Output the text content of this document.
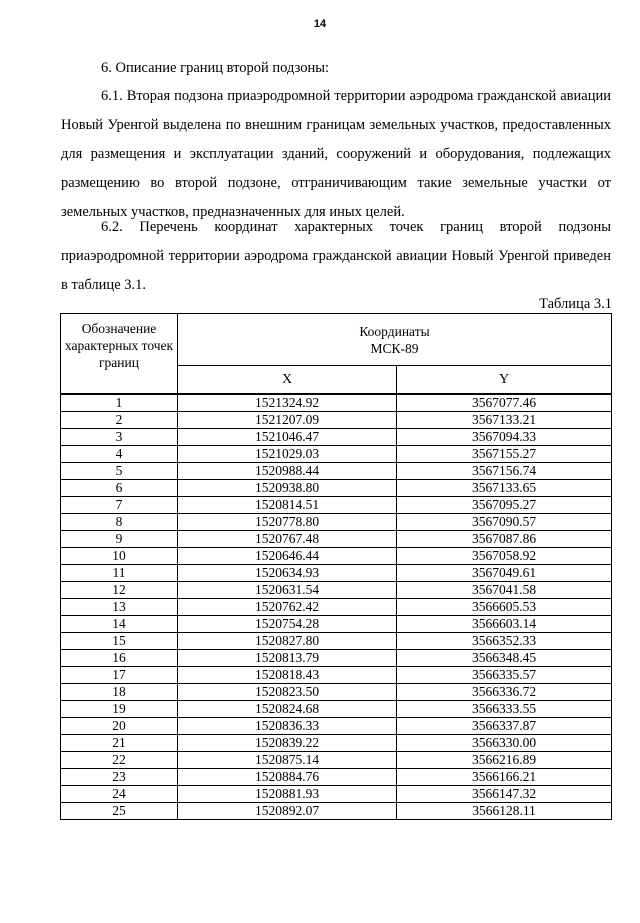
14
6. Описание границ второй подзоны:

6.1. Вторая подзона приаэродромной территории аэродрома гражданской авиации Новый Уренгой выделена по внешним границам земельных участков, предоставленных для размещения и эксплуатации зданий, сооружений и оборудования, подлежащих размещению во второй подзоне, отграничивающим такие земельные участки от земельных участков, предназначенных для иных целей.

6.2. Перечень координат характерных точек границ второй подзоны приаэродромной территории аэродрома гражданской авиации Новый Уренгой приведен в таблице 3.1.

Таблица 3.1
Обозначение характерных точек границ	Координаты
МСК-89	

	X	Y
1	1521324.92	3567077.46
2	1521207.09	3567133.21
3	1521046.47	3567094.33
4	1521029.03	3567155.27
5	1520988.44	3567156.74
6	1520938.80	3567133.65
7	1520814.51	3567095.27
8	1520778.80	3567090.57
9	1520767.48	3567087.86
10	1520646.44	3567058.92
11	1520634.93	3567049.61
12	1520631.54	3567041.58
13	1520762.42	3566605.53
14	1520754.28	3566603.14
15	1520827.80	3566352.33
16	1520813.79	3566348.45
17	1520818.43	3566335.57
18	1520823.50	3566336.72
19	1520824.68	3566333.55
20	1520836.33	3566337.87
21	1520839.22	3566330.00
22	1520875.14	3566216.89
23	1520884.76	3566166.21
24	1520881.93	3566147.32
25	1520892.07	3566128.11
